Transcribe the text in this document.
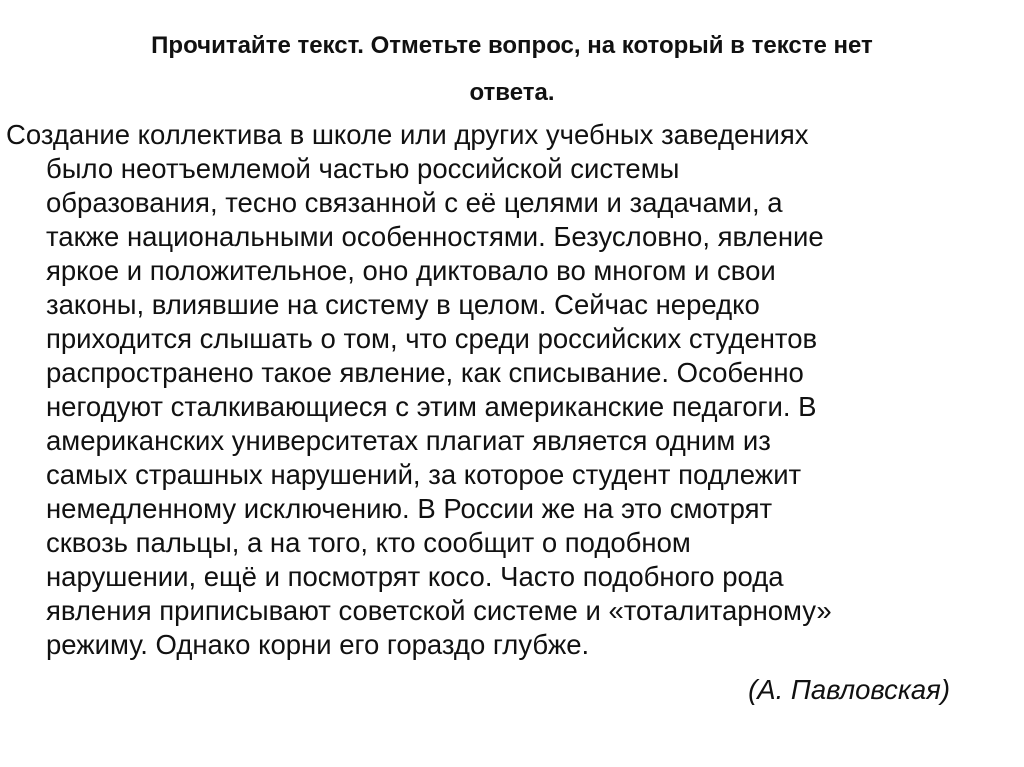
Прочитайте текст. Отметьте вопрос, на который в тексте нет
ответа.
Создание коллектива в школе или других учебных заведениях
было неотъемлемой частью российской системы
образования, тесно связанной с её целями и задачами, а
также национальными особенностями. Безусловно, явление
яркое и положительное, оно диктовало во многом и свои
законы, влиявшие на систему в целом. Сейчас нередко
приходится слышать о том, что среди российских студентов
распространено такое явление, как списывание. Особенно
негодуют сталкивающиеся с этим американские педагоги. В
американских университетах плагиат является одним из
самых страшных нарушений, за которое студент подлежит
немедленному исключению. В России же на это смотрят
сквозь пальцы, а на того, кто сообщит о подобном
нарушении, ещё и посмотрят косо. Часто подобного рода
явления приписывают советской системе и «тоталитарному»
режиму. Однако корни его гораздо глубже.

(А. Павловская)
